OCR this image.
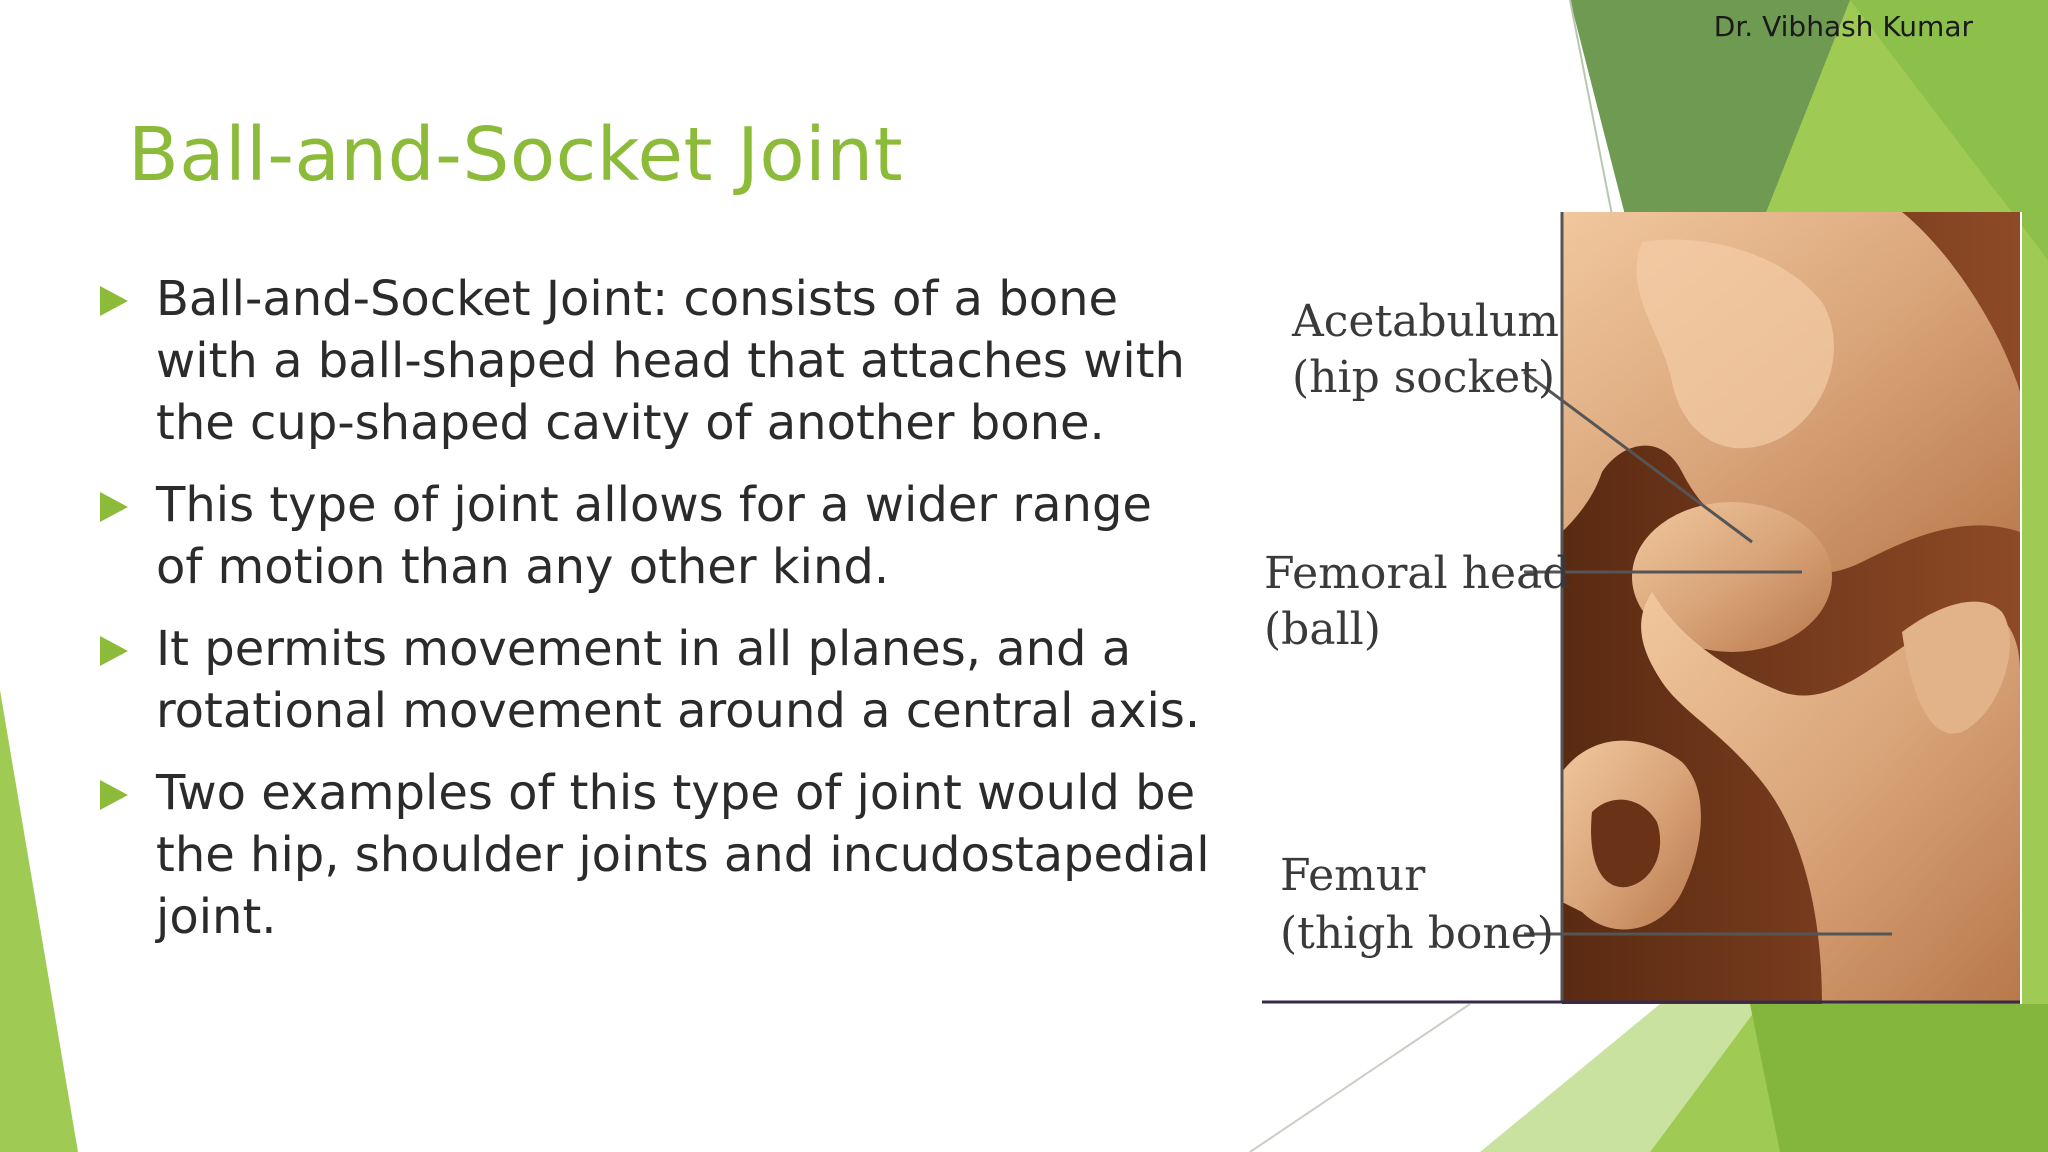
Dr. Vibhash Kumar
Ball-and-Socket Joint
Ball-and-Socket Joint: consists of a bone with a ball-shaped head that attaches with the cup-shaped cavity of another bone.
This type of joint allows for a wider range of motion than any other kind.
It permits movement in all planes, and a rotational movement around a central axis.
Two examples of this type of joint would be the hip, shoulder joints and incudostapedial joint.
Acetabulum
(hip socket)
Femoral head
(ball)
Femur
(thigh bone)
